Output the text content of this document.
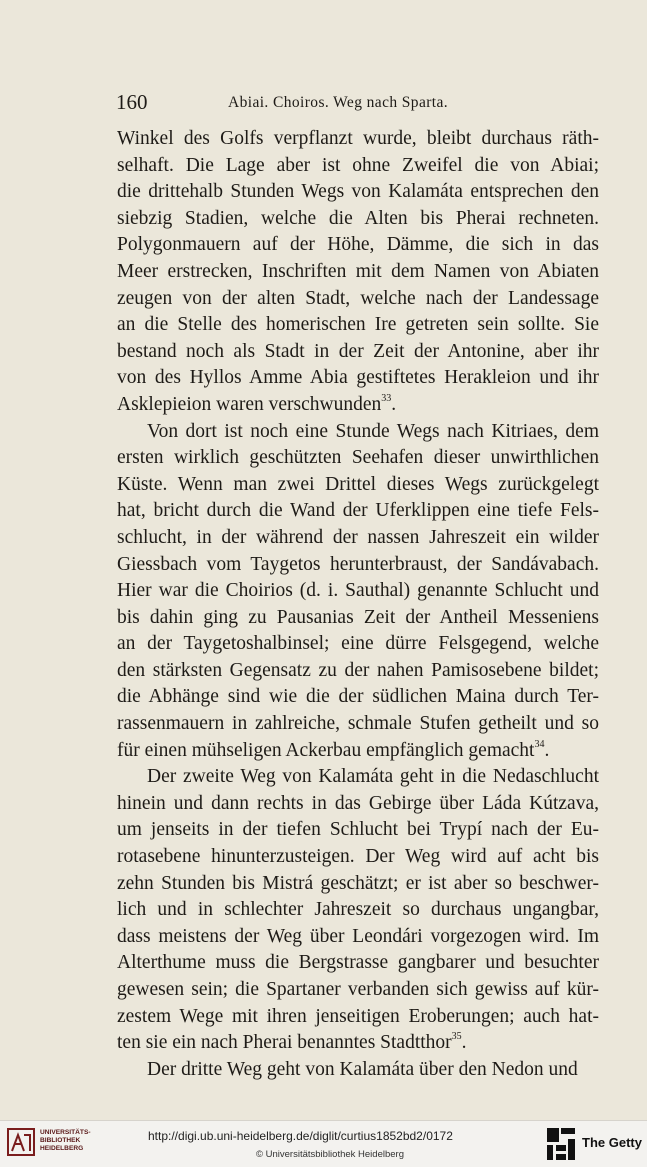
160	Abiai. Choiros. Weg nach Sparta.
Winkel des Golfs verpflanzt wurde, bleibt durchaus räth-
selhaft. Die Lage aber ist ohne Zweifel die von Abiai;
die drittehalb Stunden Wegs von Kalamáta entsprechen den
siebzig Stadien, welche die Alten bis Pherai rechneten.
Polygonmauern auf der Höhe, Dämme, die sich in das
Meer erstrecken, Inschriften mit dem Namen von Abiaten
zeugen von der alten Stadt, welche nach der Landessage
an die Stelle des homerischen Ire getreten sein sollte. Sie
bestand noch als Stadt in der Zeit der Antonine, aber ihr
von des Hyllos Amme Abia gestiftetes Herakleion und ihr
Asklepieion waren verschwunden$^{33}$.
Von dort ist noch eine Stunde Wegs nach Kitriaes, dem
ersten wirklich geschützten Seehafen dieser unwirthlichen
Küste. Wenn man zwei Drittel dieses Wegs zurückgelegt
hat, bricht durch die Wand der Uferklippen eine tiefe Fels-
schlucht, in der während der nassen Jahreszeit ein wilder
Giessbach vom Taygetos herunterbraust, der Sandávabach.
Hier war die Choirios (d. i. Sauthal) genannte Schlucht und
bis dahin ging zu Pausanias Zeit der Antheil Messeniens
an der Taygetoshalbinsel; eine dürre Felsgegend, welche
den stärksten Gegensatz zu der nahen Pamisosebene bildet;
die Abhänge sind wie die der südlichen Maina durch Ter-
rassenmauern in zahlreiche, schmale Stufen getheilt und so
für einen mühseligen Ackerbau empfänglich gemacht$^{34}$.
Der zweite Weg von Kalamáta geht in die Nedaschlucht
hinein und dann rechts in das Gebirge über Láda Kútzava,
um jenseits in der tiefen Schlucht bei Trypí nach der Eu-
rotasebene hinunterzusteigen. Der Weg wird auf acht bis
zehn Stunden bis Mistrá geschätzt; er ist aber so beschwer-
lich und in schlechter Jahreszeit so durchaus ungangbar,
dass meistens der Weg über Leondári vorgezogen wird. Im
Alterthume muss die Bergstrasse gangbarer und besuchter
gewesen sein; die Spartaner verbanden sich gewiss auf kür-
zestem Wege mit ihren jenseitigen Eroberungen; auch hat-
ten sie ein nach Pherai benanntes Stadtthor$^{35}$.
Der dritte Weg geht von Kalamáta über den Nedon und
UNIVERSITÄTS-
BIBLIOTHEK
HEIDELBERG
http://digi.ub.uni-heidelberg.de/diglit/curtius1852bd2/0172
© Universitätsbibliothek Heidelberg
The Getty
